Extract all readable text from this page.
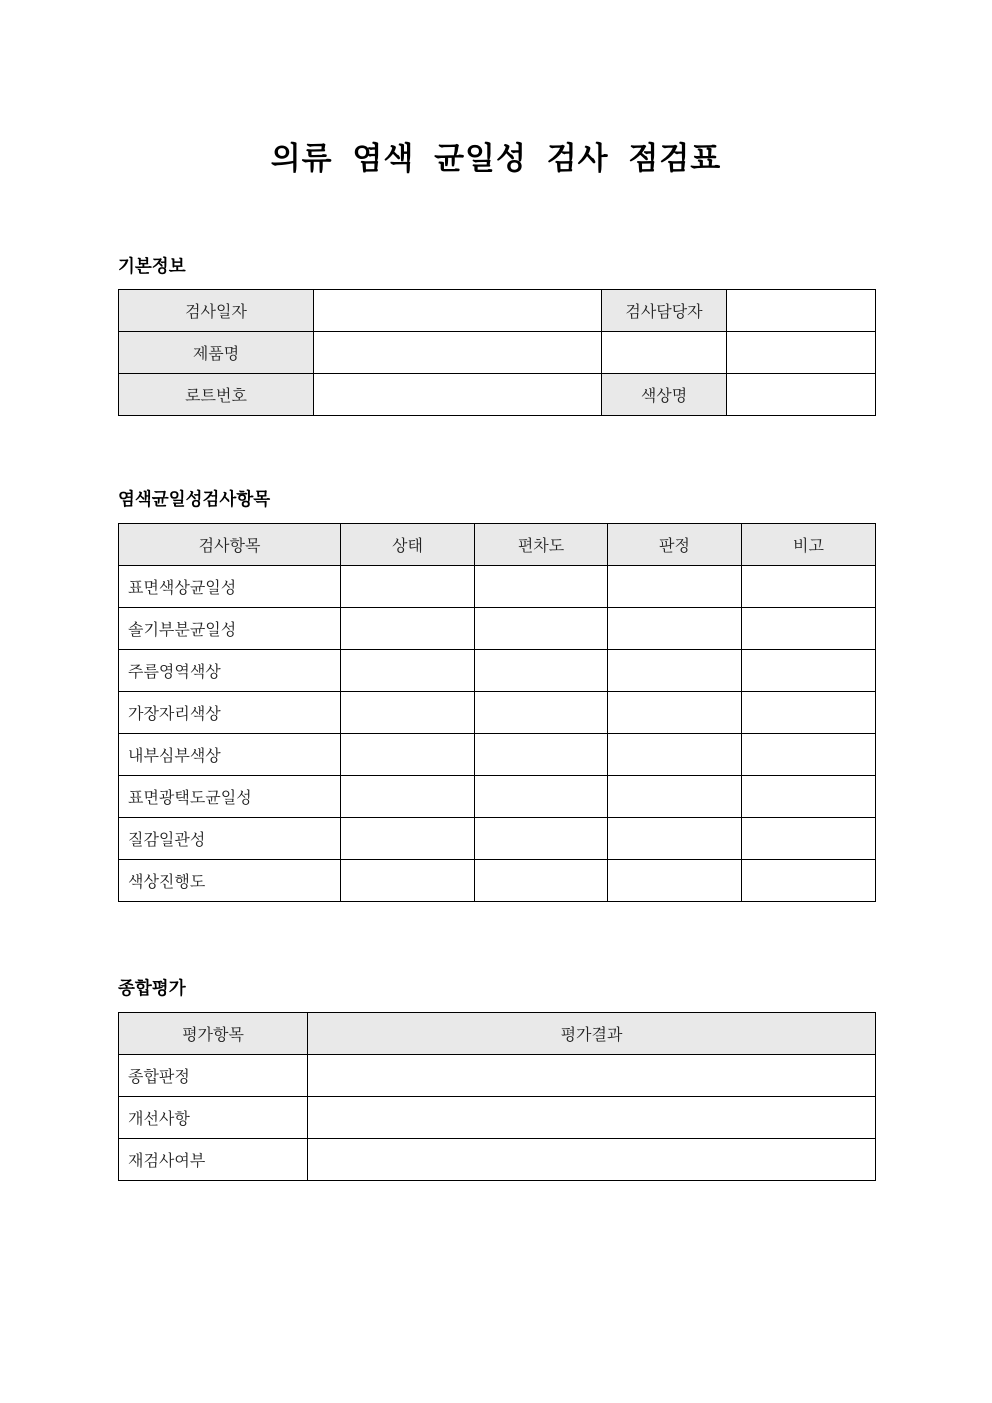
의류 염색 균일성 검사 점검표
기본정보
검사일자		검사담당자	
제품명			
로트번호		색상명	
염색균일성검사항목
검사항목	상태	편차도	판정	비고
표면색상균일성				
솔기부분균일성				
주름영역색상				
가장자리색상				
내부심부색상				
표면광택도균일성				
질감일관성				
색상진행도				
종합평가
평가항목	평가결과
종합판정	
개선사항	
재검사여부	
